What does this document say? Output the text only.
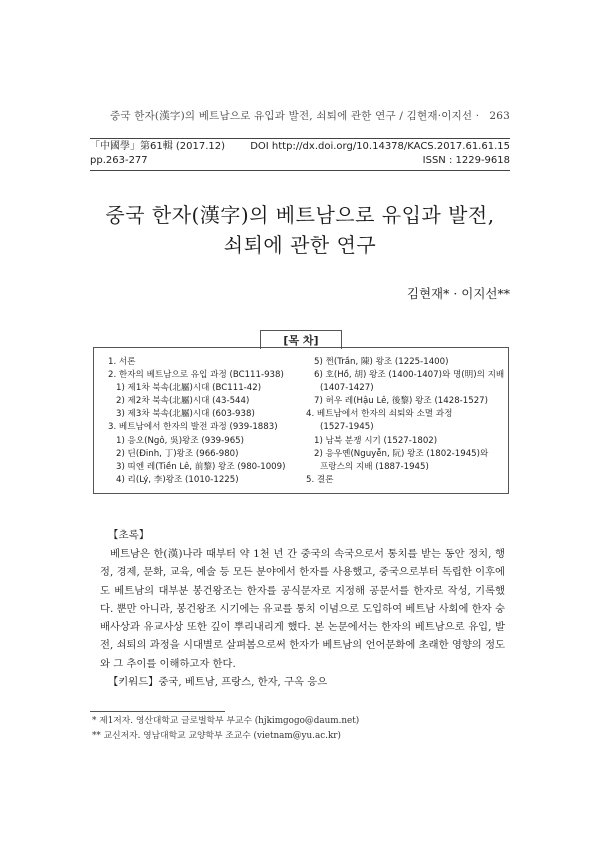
중국 한자(漢字)의 베트남으로 유입과 발전, 쇠퇴에 관한 연구 / 김현재·이지선 · 263
「中國學」第61輯 (2017.12)	DOI http://dx.doi.org/10.14378/KACS.2017.61.61.15
pp.263-277	ISSN : 1229-9618
중국 한자(漢字)의 베트남으로 유입과 발전,
쇠퇴에 관한 연구
김현재* · 이지선**
[목 차]
1. 서론
2. 한자의 베트남으로 유입 과정 (BC111-938)
1) 제1차 북속(北屬)시대 (BC111-42)
2) 제2차 북속(北屬)시대 (43-544)
3) 제3차 북속(北屬)시대 (603-938)
3. 베트남에서 한자의 발전 과정 (939-1883)
1) 응오(Ngô, 吳)왕조 (939-965)
2) 딘(Đinh, 丁)왕조 (966-980)
3) 띠엔 레(Tiền Lê, 前黎) 왕조 (980-1009)
4) 리(Lý, 李)왕조 (1010-1225)
5) 쩐(Trần, 陳) 왕조 (1225-1400)
6) 호(Hồ, 胡) 왕조 (1400-1407)와 명(明)의 지배
(1407-1427)
7) 허우 레(Hậu Lê, 後黎) 왕조 (1428-1527)
4. 베트남에서 한자의 쇠퇴와 소멸 과정
(1527-1945)
1) 남북 분쟁 시기 (1527-1802)
2) 응우옌(Nguyễn, 阮) 왕조 (1802-1945)와
프랑스의 지배 (1887-1945)
5. 결론
【초록】
베트남은 한(漢)나라 때부터 약 1천 년 간 중국의 속국으로서 통치를 받는 동안 정치, 행정, 경제, 문화, 교육, 예술 등 모든 분야에서 한자를 사용했고, 중국으로부터 독립한 이후에도 베트남의 대부분 봉건왕조는 한자를 공식문자로 지정해 공문서를 한자로 작성, 기록했다. 뿐만 아니라, 봉건왕조 시기에는 유교를 통치 이념으로 도입하여 베트남 사회에 한자 숭배사상과 유교사상 또한 깊이 뿌리내리게 했다. 본 논문에서는 한자의 베트남으로 유입, 발전, 쇠퇴의 과정을 시대별로 살펴봄으로써 한자가 베트남의 언어문화에 초래한 영향의 정도와 그 추이를 이해하고자 한다.
【키워드】중국, 베트남, 프랑스, 한자, 구옥 응으
* 제1저자. 영산대학교 글로벌학부 부교수 (hjkimgogo@daum.net)
** 교신저자. 영남대학교 교양학부 조교수 (vietnam@yu.ac.kr)
